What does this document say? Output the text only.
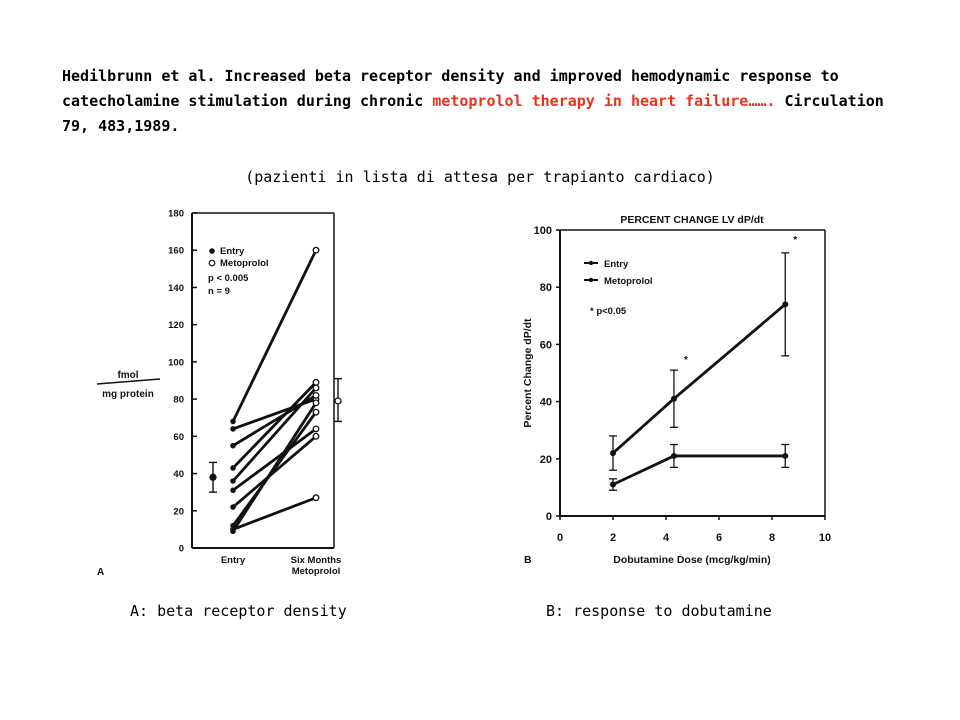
Hedilbrunn et al. Increased beta receptor density and improved hemodynamic response to catecholamine stimulation during chronic metoprolol therapy in heart failure……. Circulation 79, 483,1989.
(pazienti in lista di attesa per trapianto cardiaco)
0
20
40
60
80
100
120
140
160
180
fmol
mg protein
Entry	Six Months
Metoprolol
A
Entry
Metoprolol
p < 0.005
n = 9
0
20
40
60
80
100
0	2	4	6	8	10
PERCENT CHANGE LV dP/dt
Dobutamine Dose (mcg/kg/min)
Percent Change dP/dt
B
Entry
Metoprolol
* p<0.05
*
*
A: beta receptor density	B: response to dobutamine
